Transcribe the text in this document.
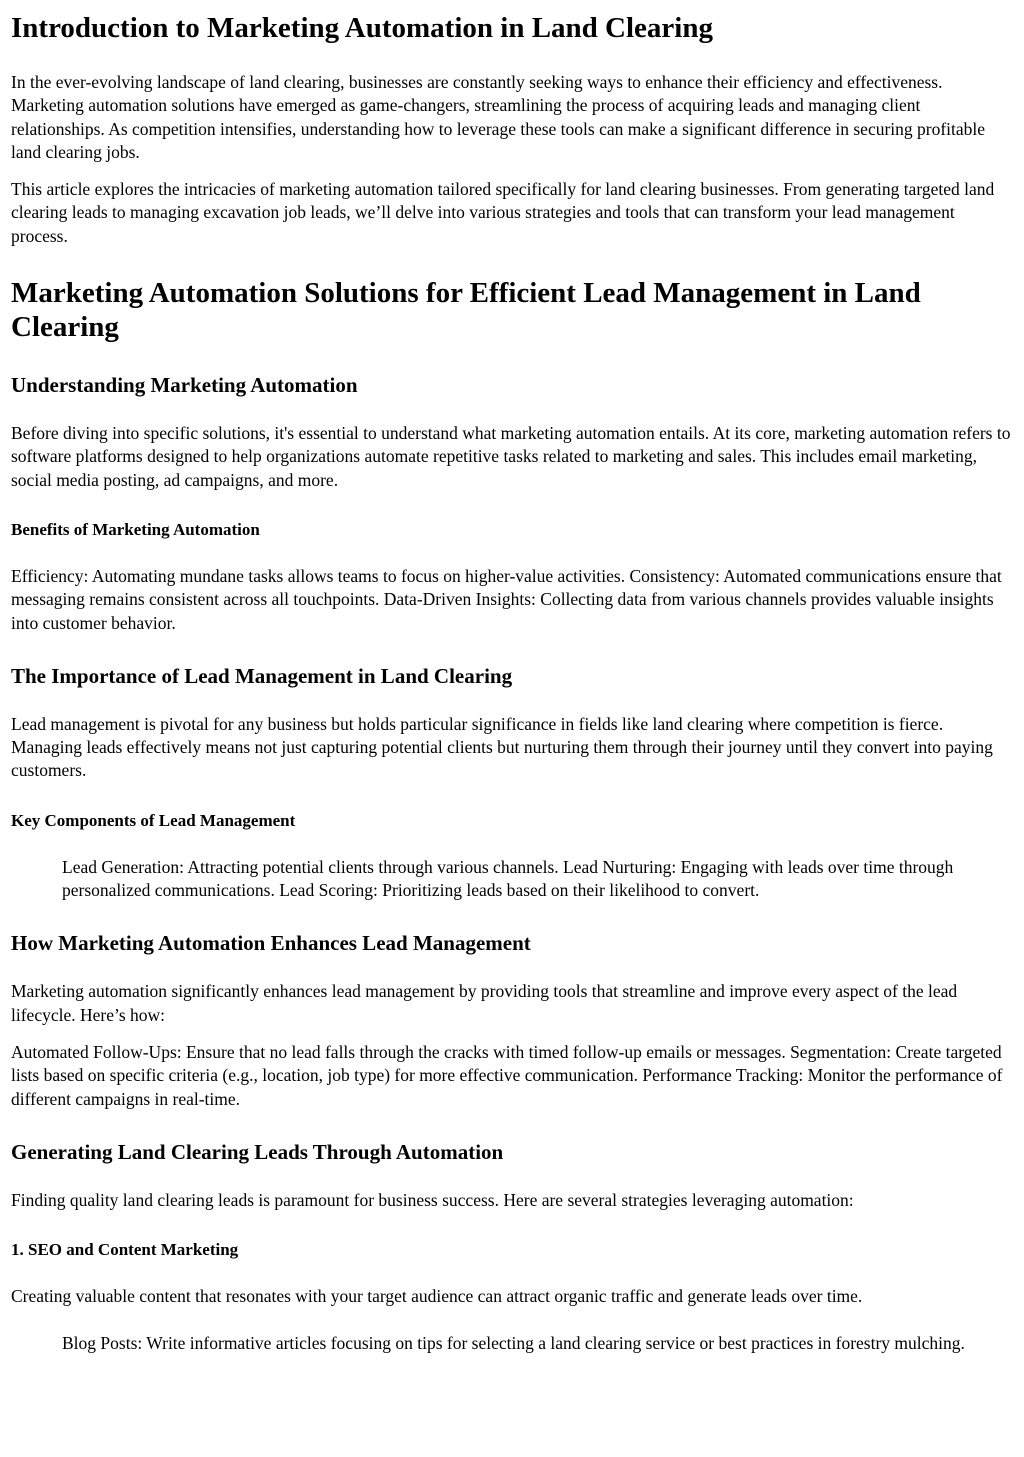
Introduction to Marketing Automation in Land Clearing

In the ever-evolving landscape of land clearing, businesses are constantly seeking ways to enhance their efficiency and effectiveness. Marketing automation solutions have emerged as game-changers, streamlining the process of acquiring leads and managing client relationships. As competition intensifies, understanding how to leverage these tools can make a significant difference in securing profitable land clearing jobs.

This article explores the intricacies of marketing automation tailored specifically for land clearing businesses. From generating targeted land clearing leads to managing excavation job leads, we’ll delve into various strategies and tools that can transform your lead management process.

Marketing Automation Solutions for Efficient Lead Management in Land Clearing
Understanding Marketing Automation

Before diving into specific solutions, it's essential to understand what marketing automation entails. At its core, marketing automation refers to software platforms designed to help organizations automate repetitive tasks related to marketing and sales. This includes email marketing, social media posting, ad campaigns, and more.

Benefits of Marketing Automation

Efficiency: Automating mundane tasks allows teams to focus on higher-value activities. Consistency: Automated communications ensure that messaging remains consistent across all touchpoints. Data-Driven Insights: Collecting data from various channels provides valuable insights into customer behavior.

The Importance of Lead Management in Land Clearing

Lead management is pivotal for any business but holds particular significance in fields like land clearing where competition is fierce. Managing leads effectively means not just capturing potential clients but nurturing them through their journey until they convert into paying customers.

Key Components of Lead Management
Lead Generation: Attracting potential clients through various channels. Lead Nurturing: Engaging with leads over time through personalized communications. Lead Scoring: Prioritizing leads based on their likelihood to convert.
How Marketing Automation Enhances Lead Management

Marketing automation significantly enhances lead management by providing tools that streamline and improve every aspect of the lead lifecycle. Here’s how:

Automated Follow-Ups: Ensure that no lead falls through the cracks with timed follow-up emails or messages. Segmentation: Create targeted lists based on specific criteria (e.g., location, job type) for more effective communication. Performance Tracking: Monitor the performance of different campaigns in real-time.

Generating Land Clearing Leads Through Automation

Finding quality land clearing leads is paramount for business success. Here are several strategies leveraging automation:

1. SEO and Content Marketing

Creating valuable content that resonates with your target audience can attract organic traffic and generate leads over time.

Blog Posts: Write informative articles focusing on tips for selecting a land clearing service or best practices in forestry mulching.
